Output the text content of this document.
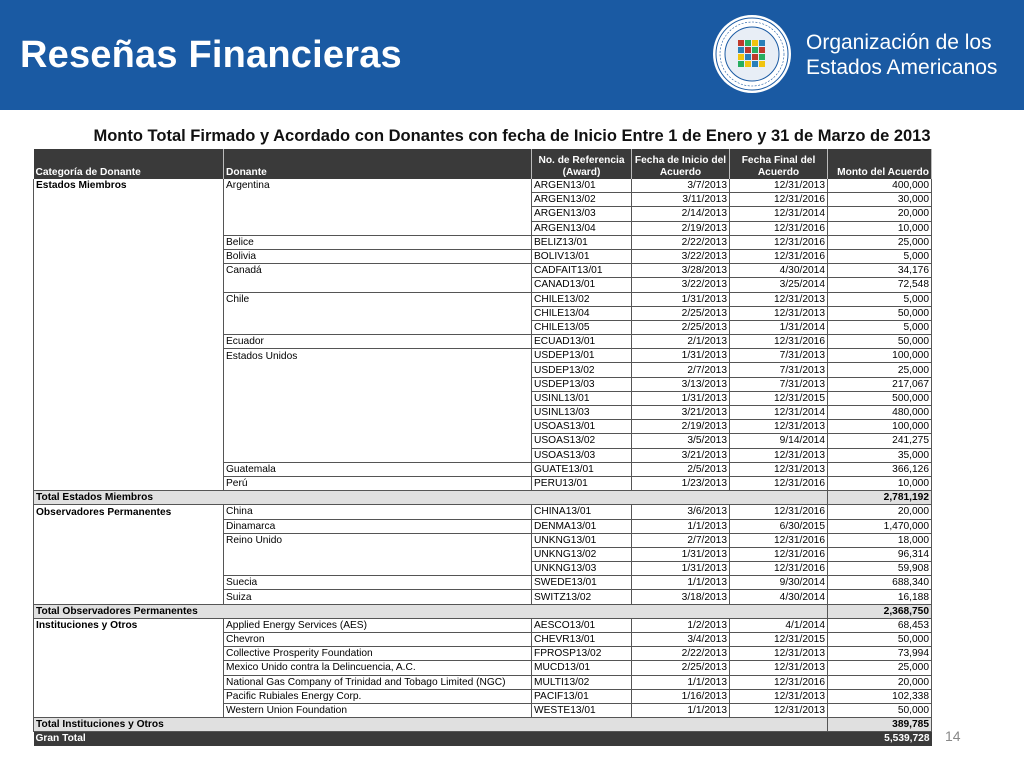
Reseñas Financieras	Organización de los
Estados Americanos
Monto Total Firmado y Acordado con Donantes con fecha de Inicio Entre 1 de Enero y 31 de Marzo de 2013
Categoría de Donante	Donante	No. de Referencia (Award)	Fecha de Inicio del Acuerdo	Fecha Final del Acuerdo	Monto del Acuerdo
Estados Miembros	Argentina	ARGEN13/01	3/7/2013	12/31/2013	400,000
		ARGEN13/02	3/11/2013	12/31/2016	30,000
		ARGEN13/03	2/14/2013	12/31/2014	20,000
		ARGEN13/04	2/19/2013	12/31/2016	10,000
	Belice	BELIZ13/01	2/22/2013	12/31/2016	25,000
	Bolivia	BOLIV13/01	3/22/2013	12/31/2016	5,000
	Canadá	CADFAIT13/01	3/28/2013	4/30/2014	34,176
		CANAD13/01	3/22/2013	3/25/2014	72,548
	Chile	CHILE13/02	1/31/2013	12/31/2013	5,000
		CHILE13/04	2/25/2013	12/31/2013	50,000
		CHILE13/05	2/25/2013	1/31/2014	5,000
	Ecuador	ECUAD13/01	2/1/2013	12/31/2016	50,000
	Estados Unidos	USDEP13/01	1/31/2013	7/31/2013	100,000
		USDEP13/02	2/7/2013	7/31/2013	25,000
		USDEP13/03	3/13/2013	7/31/2013	217,067
		USINL13/01	1/31/2013	12/31/2015	500,000
		USINL13/03	3/21/2013	12/31/2014	480,000
		USOAS13/01	2/19/2013	12/31/2013	100,000
		USOAS13/02	3/5/2013	9/14/2014	241,275
		USOAS13/03	3/21/2013	12/31/2013	35,000
	Guatemala	GUATE13/01	2/5/2013	12/31/2013	366,126
	Perú	PERU13/01	1/23/2013	12/31/2016	10,000
Total Estados Miembros					2,781,192
Observadores Permanentes	China	CHINA13/01	3/6/2013	12/31/2016	20,000
	Dinamarca	DENMA13/01	1/1/2013	6/30/2015	1,470,000
	Reino Unido	UNKNG13/01	2/7/2013	12/31/2016	18,000
		UNKNG13/02	1/31/2013	12/31/2016	96,314
		UNKNG13/03	1/31/2013	12/31/2016	59,908
	Suecia	SWEDE13/01	1/1/2013	9/30/2014	688,340
	Suiza	SWITZ13/02	3/18/2013	4/30/2014	16,188
Total Observadores Permanentes					2,368,750
Instituciones y Otros	Applied Energy Services (AES)	AESCO13/01	1/2/2013	4/1/2014	68,453
	Chevron	CHEVR13/01	3/4/2013	12/31/2015	50,000
	Collective Prosperity Foundation	FPROSP13/02	2/22/2013	12/31/2013	73,994
	Mexico Unido contra la Delincuencia, A.C.	MUCD13/01	2/25/2013	12/31/2013	25,000
	National Gas Company of Trinidad and Tobago Limited (NGC)	MULTI13/02	1/1/2013	12/31/2016	20,000
	Pacific Rubiales Energy Corp.	PACIF13/01	1/16/2013	12/31/2013	102,338
	Western Union Foundation	WESTE13/01	1/1/2013	12/31/2013	50,000
Total Instituciones y Otros					389,785
Gran Total					5,539,728 14
